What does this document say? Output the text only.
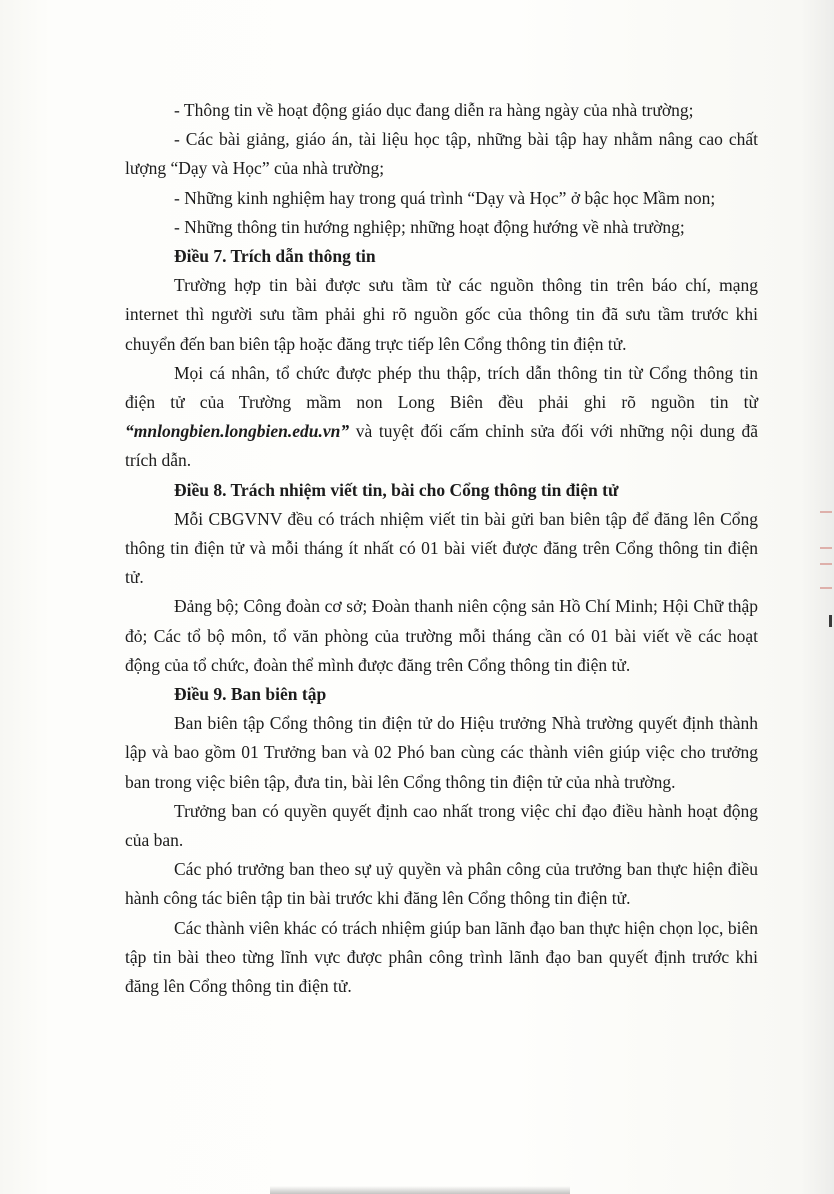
- Thông tin về hoạt động giáo dục đang diễn ra hàng ngày của nhà trường;

- Các bài giảng, giáo án, tài liệu học tập, những bài tập hay nhằm nâng cao chất lượng “Dạy và Học” của nhà trường;

- Những kinh nghiệm hay trong quá trình “Dạy và Học” ở bậc học Mầm non;

- Những thông tin hướng nghiệp; những hoạt động hướng về nhà trường;

Điều 7. Trích dẫn thông tin

Trường hợp tin bài được sưu tầm từ các nguồn thông tin trên báo chí, mạng internet thì người sưu tầm phải ghi rõ nguồn gốc của thông tin đã sưu tầm trước khi chuyển đến ban biên tập hoặc đăng trực tiếp lên Cổng thông tin điện tử.

Mọi cá nhân, tổ chức được phép thu thập, trích dẫn thông tin từ Cổng thông tin điện tử của Trường mầm non Long Biên đều phải ghi rõ nguồn tin từ “mnlongbien.longbien.edu.vn” và tuyệt đối cấm chỉnh sửa đối với những nội dung đã trích dẫn.

Điều 8. Trách nhiệm viết tin, bài cho Cổng thông tin điện tử

Mỗi CBGVNV đều có trách nhiệm viết tin bài gửi ban biên tập để đăng lên Cổng thông tin điện tử và mỗi tháng ít nhất có 01 bài viết được đăng trên Cổng thông tin điện tử.

Đảng bộ; Công đoàn cơ sở; Đoàn thanh niên cộng sản Hồ Chí Minh; Hội Chữ thập đỏ; Các tổ bộ môn, tổ văn phòng của trường mỗi tháng cần có 01 bài viết về các hoạt động của tổ chức, đoàn thể mình được đăng trên Cổng thông tin điện tử.

Điều 9. Ban biên tập

Ban biên tập Cổng thông tin điện tử do Hiệu trưởng Nhà trường quyết định thành lập và bao gồm 01 Trưởng ban và 02 Phó ban cùng các thành viên giúp việc cho trưởng ban trong việc biên tập, đưa tin, bài lên Cổng thông tin điện tử của nhà trường.

Trưởng ban có quyền quyết định cao nhất trong việc chỉ đạo điều hành hoạt động của ban.

Các phó trưởng ban theo sự uỷ quyền và phân công của trưởng ban thực hiện điều hành công tác biên tập tin bài trước khi đăng lên Cổng thông tin điện tử.

Các thành viên khác có trách nhiệm giúp ban lãnh đạo ban thực hiện chọn lọc, biên tập tin bài theo từng lĩnh vực được phân công trình lãnh đạo ban quyết định trước khi đăng lên Cổng thông tin điện tử.
